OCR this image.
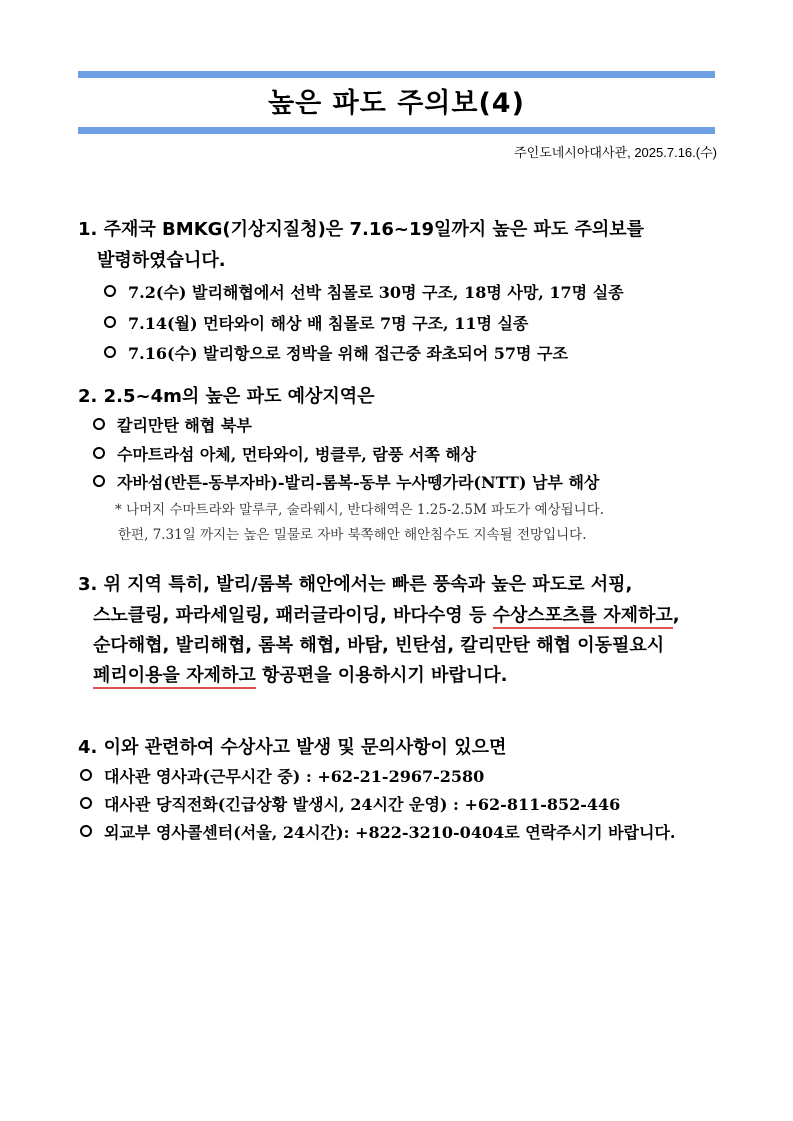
높은 파도 주의보(4)
주인도네시아대사관, 2025.7.16.(수)
1. 주재국 BMKG(기상지질청)은 7.16~19일까지 높은 파도 주의보를
발령하였습니다.
7.2(수) 발리해협에서 선박 침몰로 30명 구조, 18명 사망, 17명 실종
7.14(월) 먼타와이 해상 배 침몰로 7명 구조, 11명 실종
7.16(수) 발리항으로 정박을 위해 접근중 좌초되어 57명 구조
2. 2.5~4m의 높은 파도 예상지역은
칼리만탄 해협 북부
수마트라섬 아체, 먼타와이, 벙클루, 람풍 서쪽 해상
자바섬(반튼-동부자바)-발리-롬복-동부 누사뗑가라(NTT) 남부 해상
* 나머지 수마트라와 말루쿠, 술라웨시, 반다해역은 1.25-2.5M 파도가 예상됩니다.
한편, 7.31일 까지는 높은 밀물로 자바 북쪽해안 해안침수도 지속될 전망입니다.
3. 위 지역 특히, 발리/롬복 해안에서는 빠른 풍속과 높은 파도로 서핑,
스노클링, 파라세일링, 패러글라이딩, 바다수영 등 수상스포츠를 자제하고,
순다해협, 발리해협, 롬복 해협, 바탐, 빈탄섬, 칼리만탄 해협 이동필요시
페리이용을 자제하고 항공편을 이용하시기 바랍니다.
4. 이와 관련하여 수상사고 발생 및 문의사항이 있으면
대사관 영사과(근무시간 중) : +62-21-2967-2580
대사관 당직전화(긴급상황 발생시, 24시간 운영) : +62-811-852-446
외교부 영사콜센터(서울, 24시간): +822-3210-0404로 연락주시기 바랍니다.
